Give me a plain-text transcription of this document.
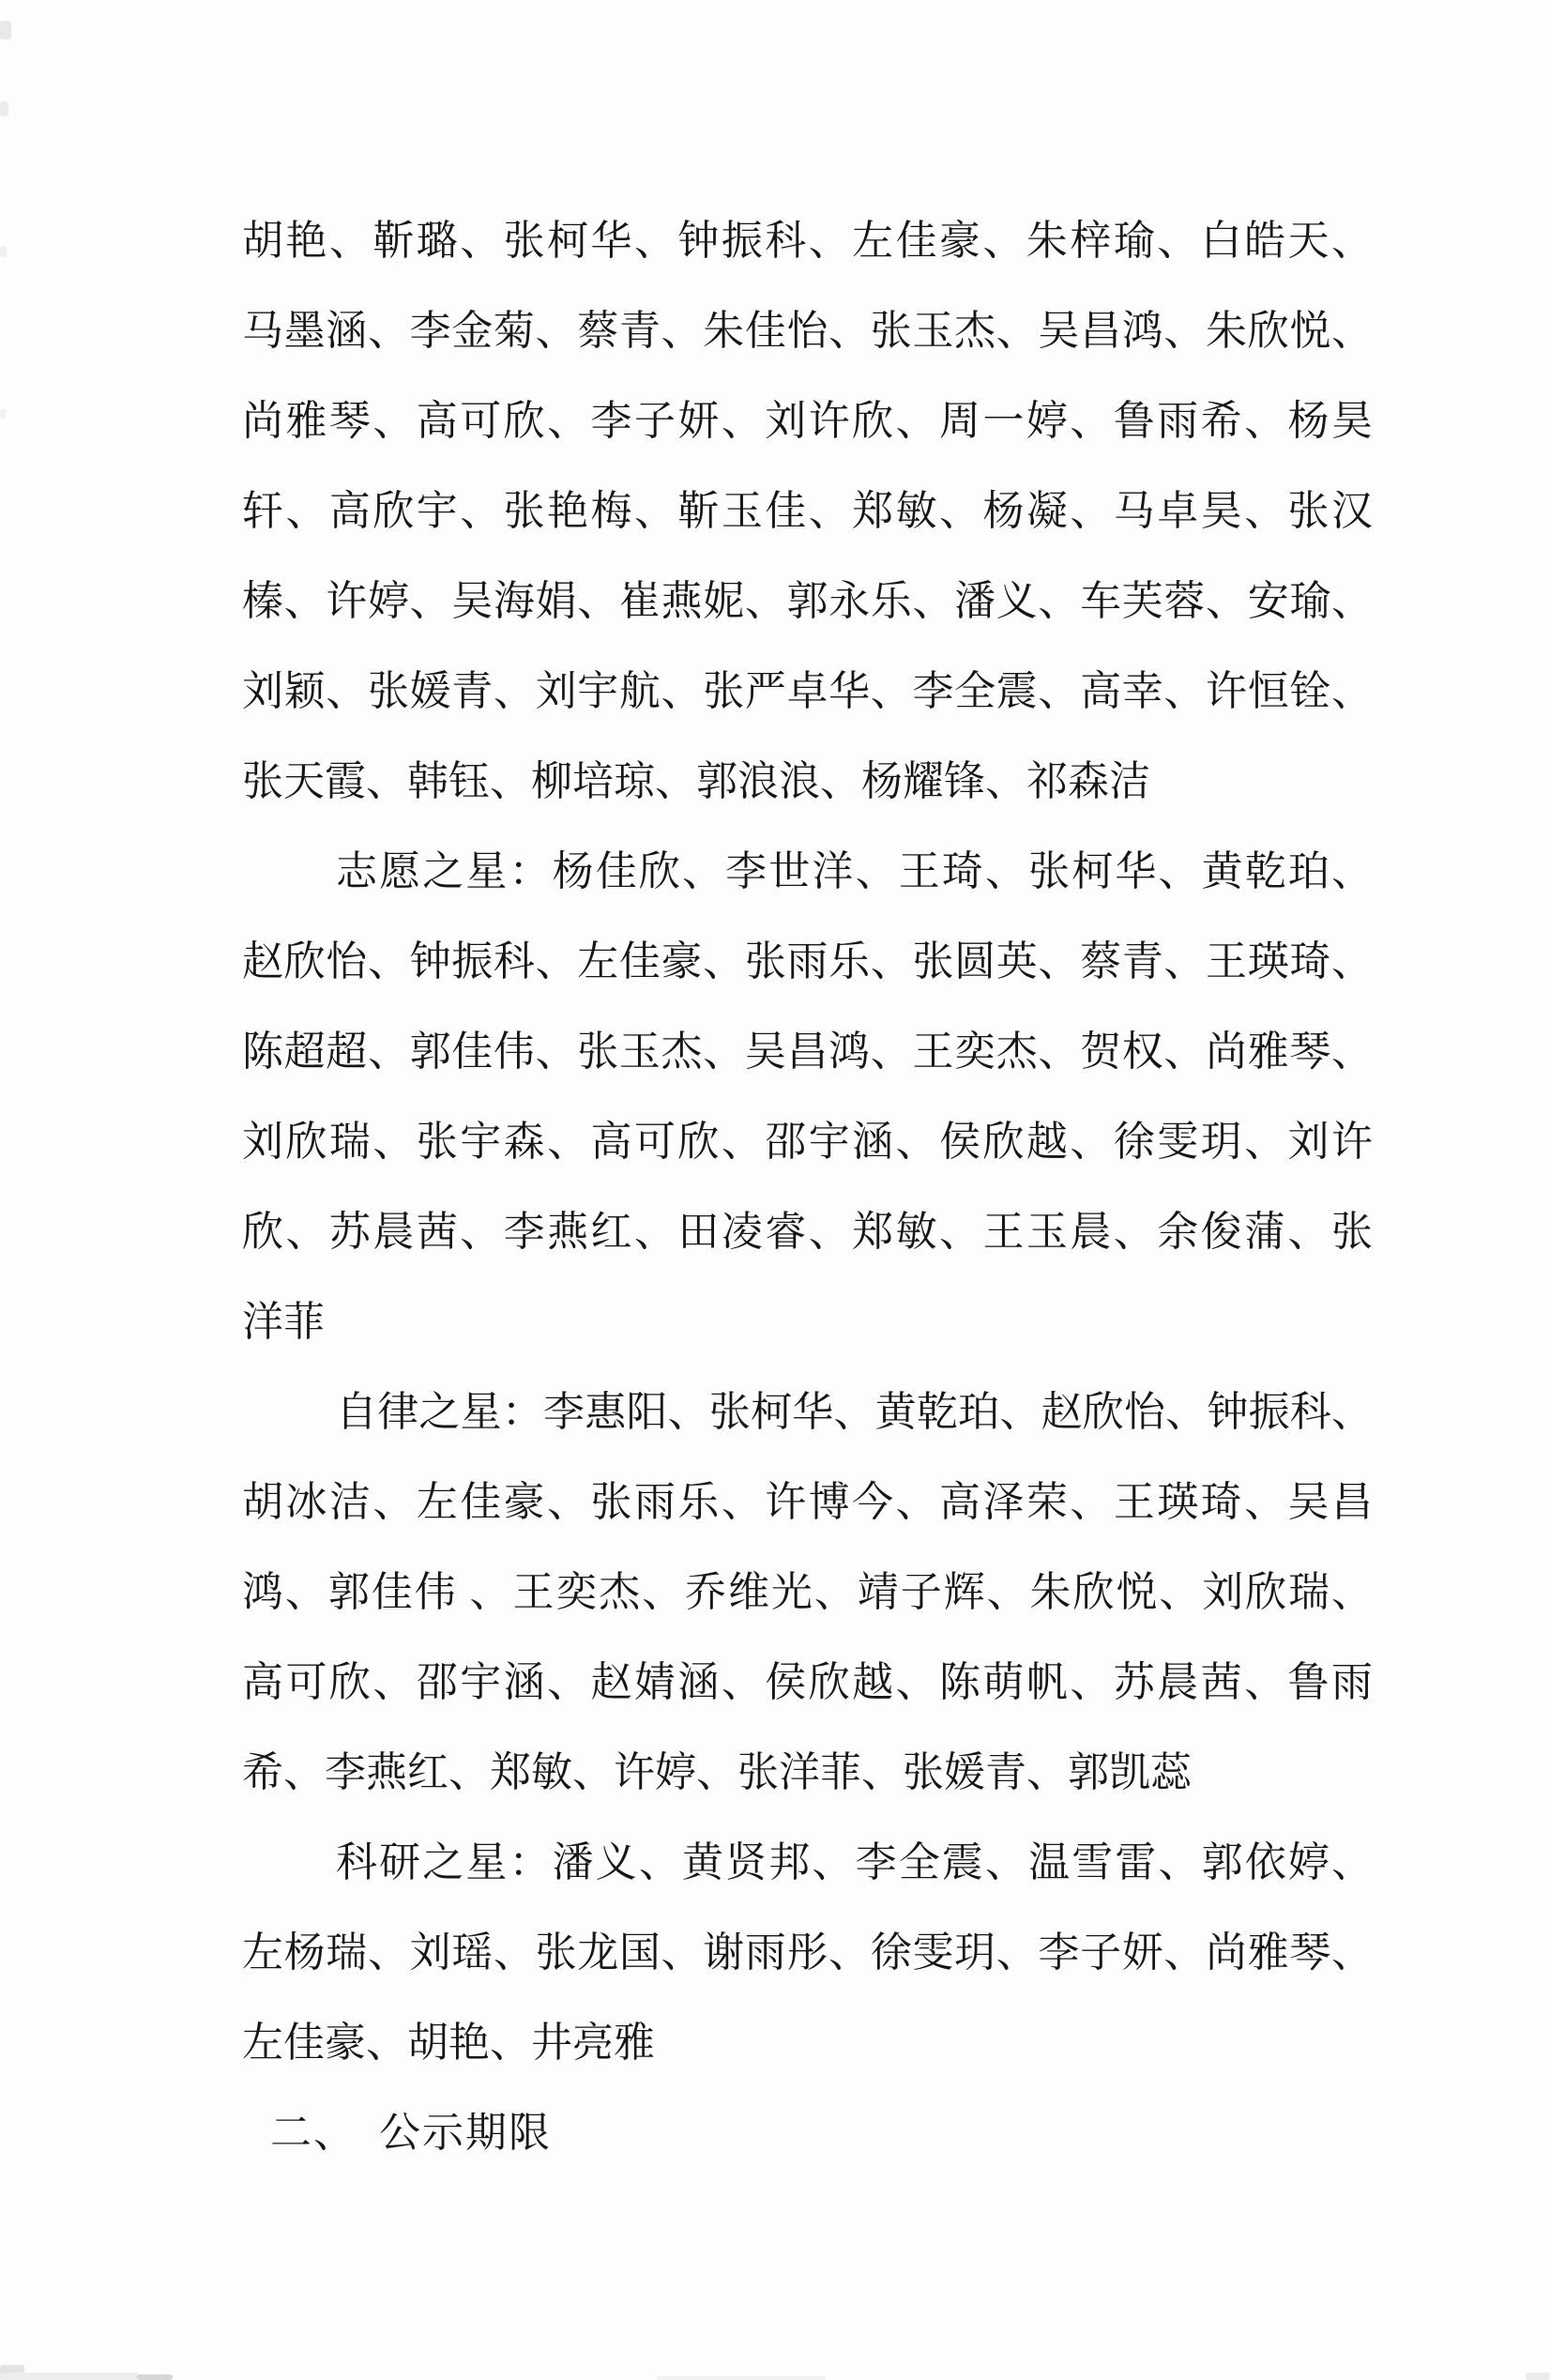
胡艳、靳璐、张柯华、钟振科、左佳豪、朱梓瑜、白皓天、
马墨涵、李金菊、蔡青、朱佳怡、张玉杰、吴昌鸿、朱欣悦、
尚雅琴、高可欣、李子妍、刘许欣、周一婷、鲁雨希、杨昊
轩、高欣宇、张艳梅、靳玉佳、郑敏、杨凝、马卓昊、张汉
榛、许婷、吴海娟、崔燕妮、郭永乐、潘义、车芙蓉、安瑜、
刘颖、张媛青、刘宇航、张严卓华、李全震、高幸、许恒铨、
张天霞、韩钰、柳培琼、郭浪浪、杨耀锋、祁森洁
志愿之星：杨佳欣、李世洋、王琦、张柯华、黄乾珀、
赵欣怡、钟振科、左佳豪、张雨乐、张圆英、蔡青、王瑛琦、
陈超超、郭佳伟、张玉杰、吴昌鸿、王奕杰、贺权、尚雅琴、
刘欣瑞、张宇森、高可欣、邵宇涵、侯欣越、徐雯玥、刘许
欣、苏晨茜、李燕红、田凌睿、郑敏、王玉晨、余俊蒲、张
洋菲
自律之星：李惠阳、张柯华、黄乾珀、赵欣怡、钟振科、
胡冰洁、左佳豪、张雨乐、许博今、高泽荣、王瑛琦、吴昌
鸿、郭佳伟 、王奕杰、乔维光、靖子辉、朱欣悦、刘欣瑞、
高可欣、邵宇涵、赵婧涵、侯欣越、陈萌帆、苏晨茜、鲁雨
希、李燕红、郑敏、许婷、张洋菲、张媛青、郭凯蕊
科研之星：潘义、黄贤邦、李全震、温雪雷、郭依婷、
左杨瑞、刘瑶、张龙国、谢雨彤、徐雯玥、李子妍、尚雅琴、
左佳豪、胡艳、井亮雅
二、 公示期限
